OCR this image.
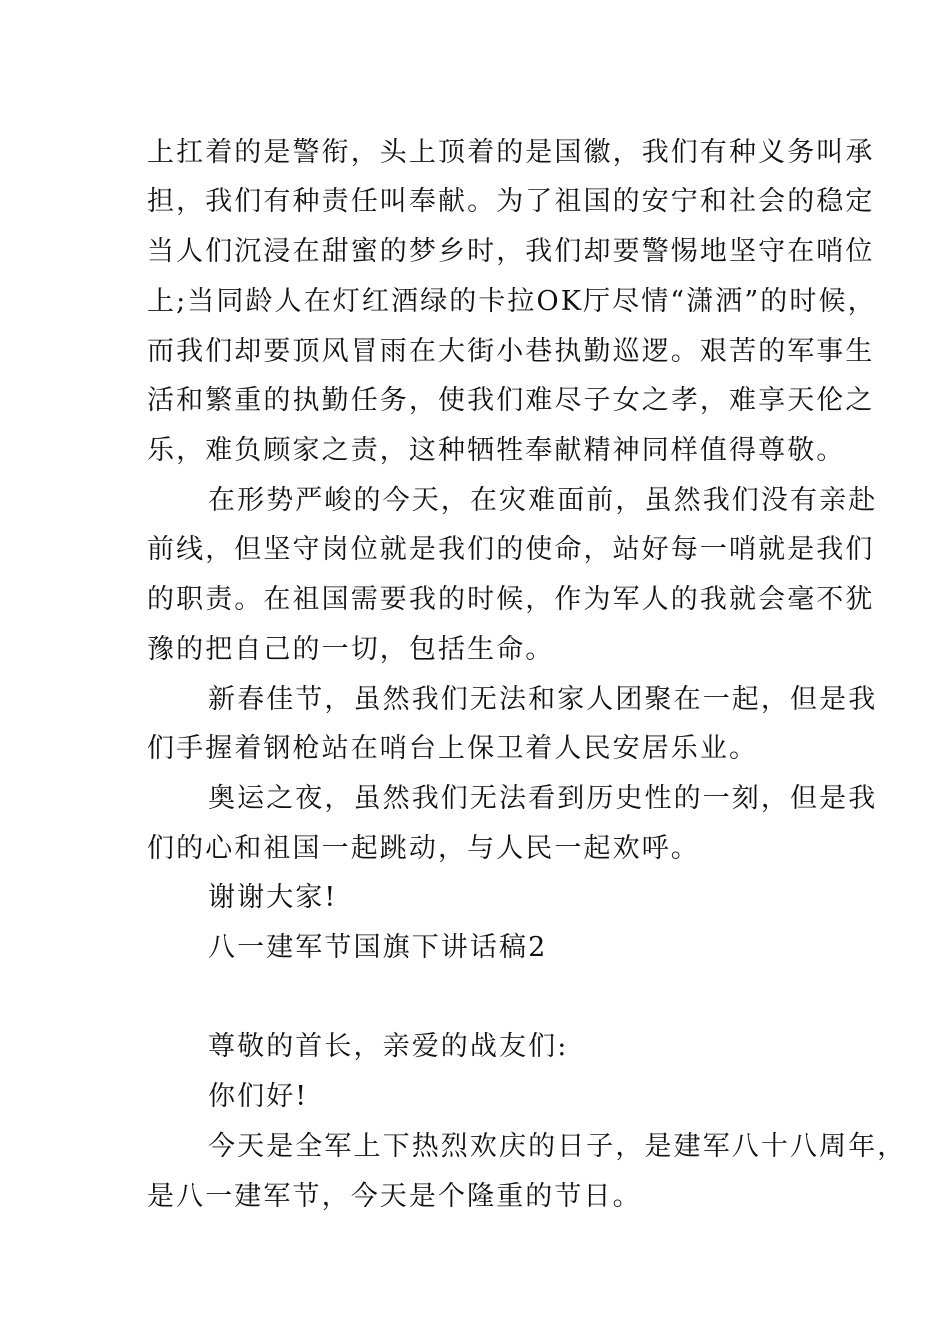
上扛着的是警衔，头上顶着的是国徽，我们有种义务叫承
担，我们有种责任叫奉献。为了祖国的安宁和社会的稳定
当人们沉浸在甜蜜的梦乡时，我们却要警惕地坚守在哨位
上;当同龄人在灯红酒绿的卡拉OK厅尽情“潇洒”的时候，
而我们却要顶风冒雨在大街小巷执勤巡逻。艰苦的军事生
活和繁重的执勤任务，使我们难尽子女之孝，难享天伦之
乐，难负顾家之责，这种牺牲奉献精神同样值得尊敬。
在形势严峻的今天，在灾难面前，虽然我们没有亲赴
前线，但坚守岗位就是我们的使命，站好每一哨就是我们
的职责。在祖国需要我的时候，作为军人的我就会毫不犹
豫的把自己的一切，包括生命。
新春佳节，虽然我们无法和家人团聚在一起，但是我
们手握着钢枪站在哨台上保卫着人民安居乐业。
奥运之夜，虽然我们无法看到历史性的一刻，但是我
们的心和祖国一起跳动，与人民一起欢呼。
谢谢大家!
八一建军节国旗下讲话稿2
尊敬的首长，亲爱的战友们:
你们好!
今天是全军上下热烈欢庆的日子，是建军八十八周年，
是八一建军节，今天是个隆重的节日。
